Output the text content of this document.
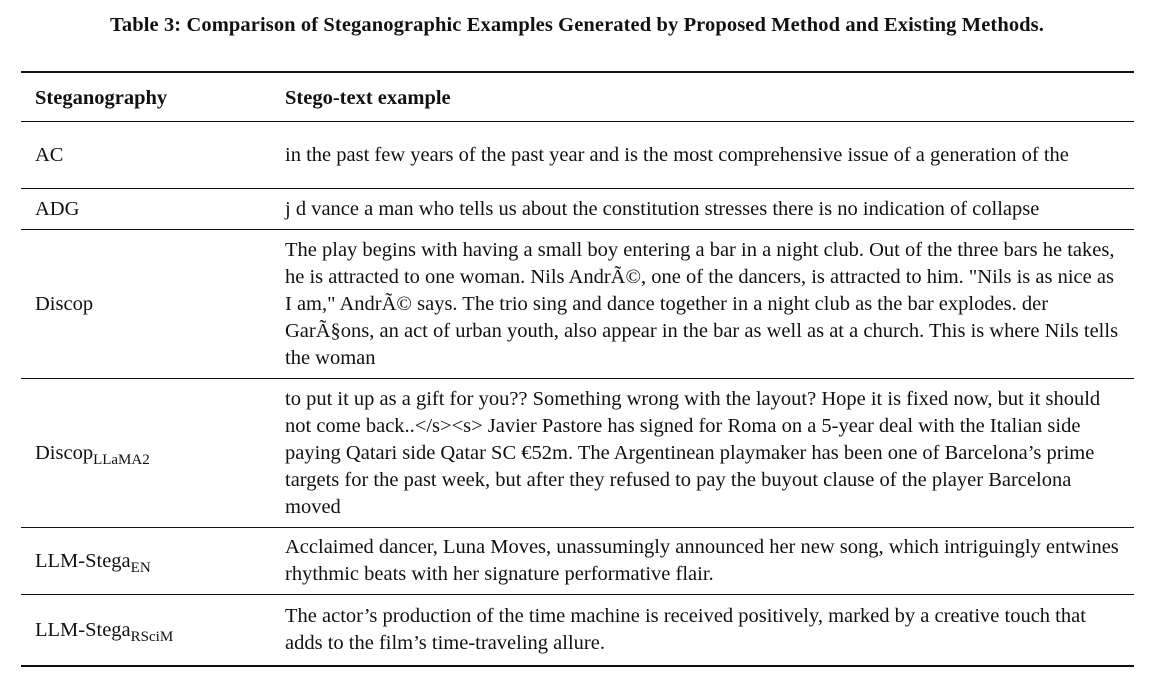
Table 3: Comparison of Steganographic Examples Generated by Proposed Method and Existing Methods.
Steganography	Stego-text example
AC	in the past few years of the past year and is the most comprehensive issue of a generation of the
ADG	j d vance a man who tells us about the constitution stresses there is no indication of collapse
Discop	The play begins with having a small boy entering a bar in a night club. Out of the three bars he takes, he is attracted to one woman. Nils AndrÃ©, one of the dancers, is attracted to him. "Nils is as nice as I am," AndrÃ© says. The trio sing and dance together in a night club as the bar explodes. der GarÃ§ons, an act of urban youth, also appear in the bar as well as at a church. This is where Nils tells the woman
Discop$_{LLaMA2}$	to put it up as a gift for you?? Something wrong with the layout? Hope it is fixed now, but it should not come back..</s><s> Javier Pastore has signed for Roma on a 5-year deal with the Italian side paying Qatari side Qatar SC €52m. The Argentinean playmaker has been one of Barcelona’s prime targets for the past week, but after they refused to pay the buyout clause of the player Barcelona moved
LLM-Stega$_{EN}$	Acclaimed dancer, Luna Moves, unassumingly announced her new song, which intriguingly entwines rhythmic beats with her signature performative flair.
LLM-Stega$_{RSciM}$	The actor’s production of the time machine is received positively, marked by a creative touch that adds to the film’s time-traveling allure.
